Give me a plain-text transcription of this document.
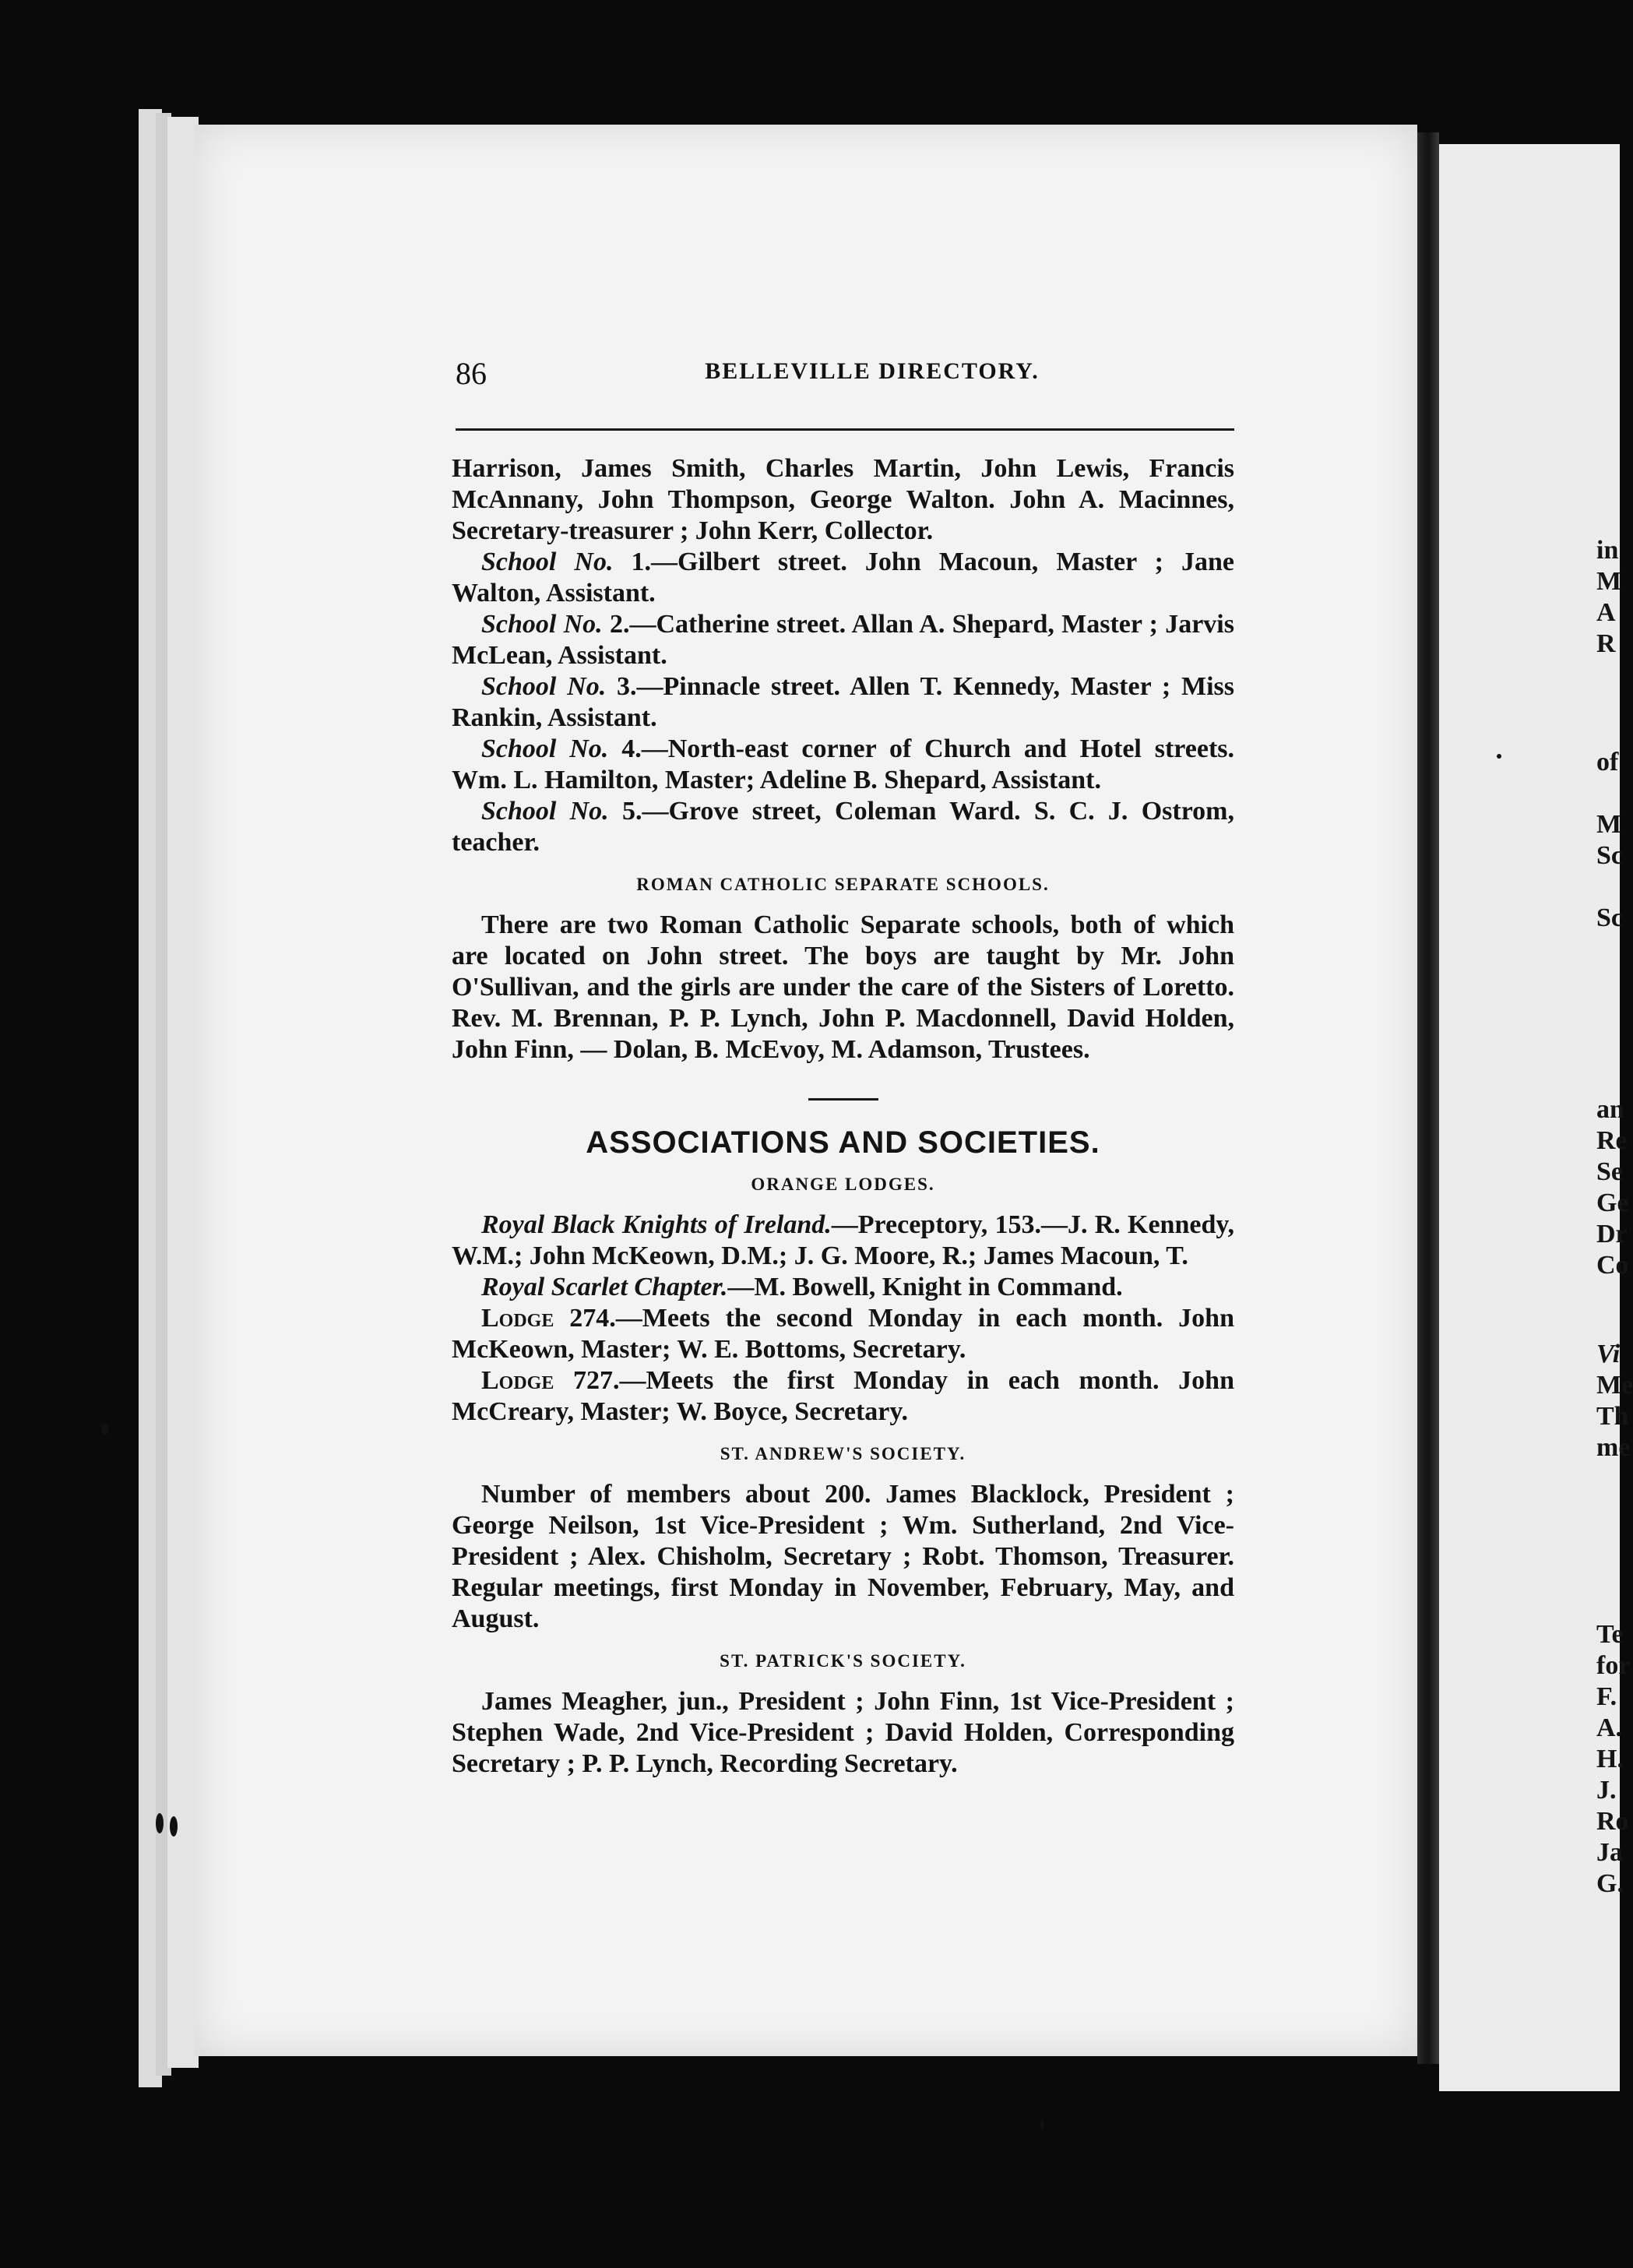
in
M
A
R
of
M
Sc
Sc
an
Re
Se
Ge
Dr
Co
Vi
Me
Th
me
Te
for
F.
A.
H.
J.
Ro
Ja
G.
86	BELLEVILLE DIRECTORY.

Harrison, James Smith, Charles Martin, John Lewis, Francis McAnnany, John Thompson, George Walton. John A. Macinnes, Secretary-treasurer ; John Kerr, Collector.

School No. 1.—Gilbert street. John Macoun, Master ; Jane Walton, Assistant.

School No. 2.—Catherine street. Allan A. Shepard, Master ; Jarvis McLean, Assistant.

School No. 3.—Pinnacle street. Allen T. Kennedy, Master ; Miss Rankin, Assistant.

School No. 4.—North-east corner of Church and Hotel streets. Wm. L. Hamilton, Master; Adeline B. Shepard, Assistant.

School No. 5.—Grove street, Coleman Ward. S. C. J. Ostrom, teacher.

ROMAN CATHOLIC SEPARATE SCHOOLS.

There are two Roman Catholic Separate schools, both of which are located on John street. The boys are taught by Mr. John O'Sullivan, and the girls are under the care of the Sisters of Loretto. Rev. M. Brennan, P. P. Lynch, John P. Macdonnell, David Holden, John Finn, — Dolan, B. McEvoy, M. Adamson, Trustees.

ASSOCIATIONS AND SOCIETIES.
ORANGE LODGES.

Royal Black Knights of Ireland.—Preceptory, 153.—J. R. Kennedy, W.M.; John McKeown, D.M.; J. G. Moore, R.; James Macoun, T.

Royal Scarlet Chapter.—M. Bowell, Knight in Command.

Lodge 274.—Meets the second Monday in each month. John McKeown, Master; W. E. Bottoms, Secretary.

Lodge 727.—Meets the first Monday in each month. John McCreary, Master; W. Boyce, Secretary.

ST. ANDREW'S SOCIETY.

Number of members about 200. James Blacklock, President ; George Neilson, 1st Vice-President ; Wm. Sutherland, 2nd Vice-President ; Alex. Chisholm, Secretary ; Robt. Thomson, Treasurer. Regular meetings, first Monday in November, February, May, and August.

ST. PATRICK'S SOCIETY.

James Meagher, jun., President ; John Finn, 1st Vice-President ; Stephen Wade, 2nd Vice-President ; David Holden, Corresponding Secretary ; P. P. Lynch, Recording Secretary.
